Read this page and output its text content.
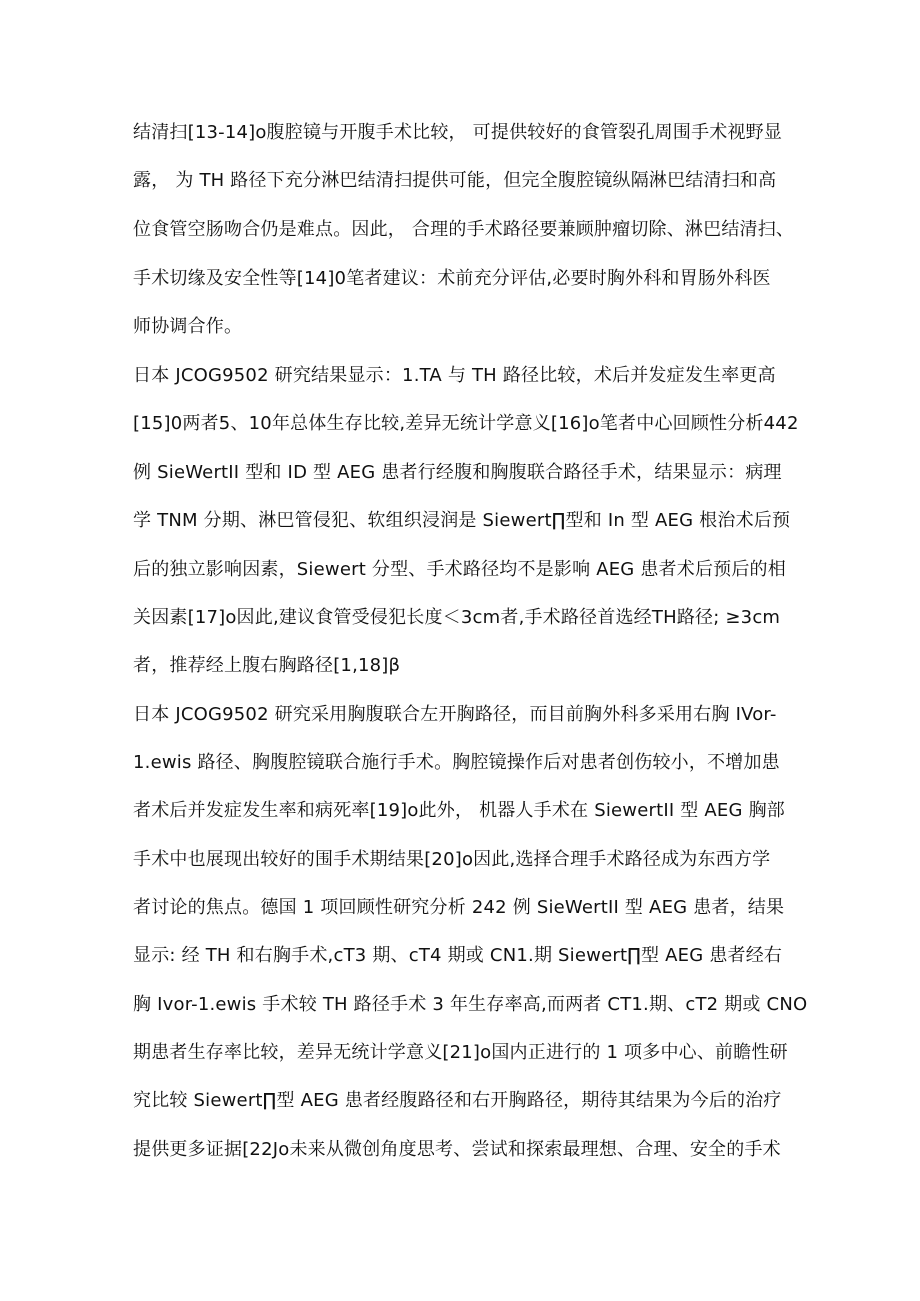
结清扫[13-14]o腹腔镜与开腹手术比较， 可提供较好的食管裂孔周围手术视野显
露， 为 TH 路径下充分淋巴结清扫提供可能，但完全腹腔镜纵隔淋巴结清扫和高
位食管空肠吻合仍是难点。因此， 合理的手术路径要兼顾肿瘤切除、淋巴结清扫、
手术切缘及安全性等[14]0笔者建议：术前充分评估,必要时胸外科和胃肠外科医
师协调合作。
日本 JCOG9502 研究结果显示：1.TA 与 TH 路径比较，术后并发症发生率更高
[15]0两者5、10年总体生存比较,差异无统计学意义[16]o笔者中心回顾性分析442
例 SieWertII 型和 ID 型 AEG 患者行经腹和胸腹联合路径手术，结果显示：病理
学 TNM 分期、淋巴管侵犯、软组织浸润是 Siewert∏型和 In 型 AEG 根治术后预
后的独立影响因素，Siewert 分型、手术路径均不是影响 AEG 患者术后预后的相
关因素[17]o因此,建议食管受侵犯长度＜3cm者,手术路径首选经TH路径; ≥3cm
者，推荐经上腹右胸路径[1,18]β
日本 JCOG9502 研究采用胸腹联合左开胸路径，而目前胸外科多采用右胸 IVor-
1.ewis 路径、胸腹腔镜联合施行手术。胸腔镜操作后对患者创伤较小，不增加患
者术后并发症发生率和病死率[19]o此外， 机器人手术在 SiewertII 型 AEG 胸部
手术中也展现出较好的围手术期结果[20]o因此,选择合理手术路径成为东西方学
者讨论的焦点。德国 1 项回顾性研究分析 242 例 SieWertII 型 AEG 患者，结果
显示: 经 TH 和右胸手术,cT3 期、cT4 期或 CN1.期 Siewert∏型 AEG 患者经右
胸 Ivor-1.ewis 手术较 TH 路径手术 3 年生存率高,而两者 CT1.期、cT2 期或 CNO
期患者生存率比较，差异无统计学意义[21]o国内正进行的 1 项多中心、前瞻性研
究比较 Siewert∏型 AEG 患者经腹路径和右开胸路径，期待其结果为今后的治疗
提供更多证据[22Jo未来从微创角度思考、尝试和探索最理想、合理、安全的手术
